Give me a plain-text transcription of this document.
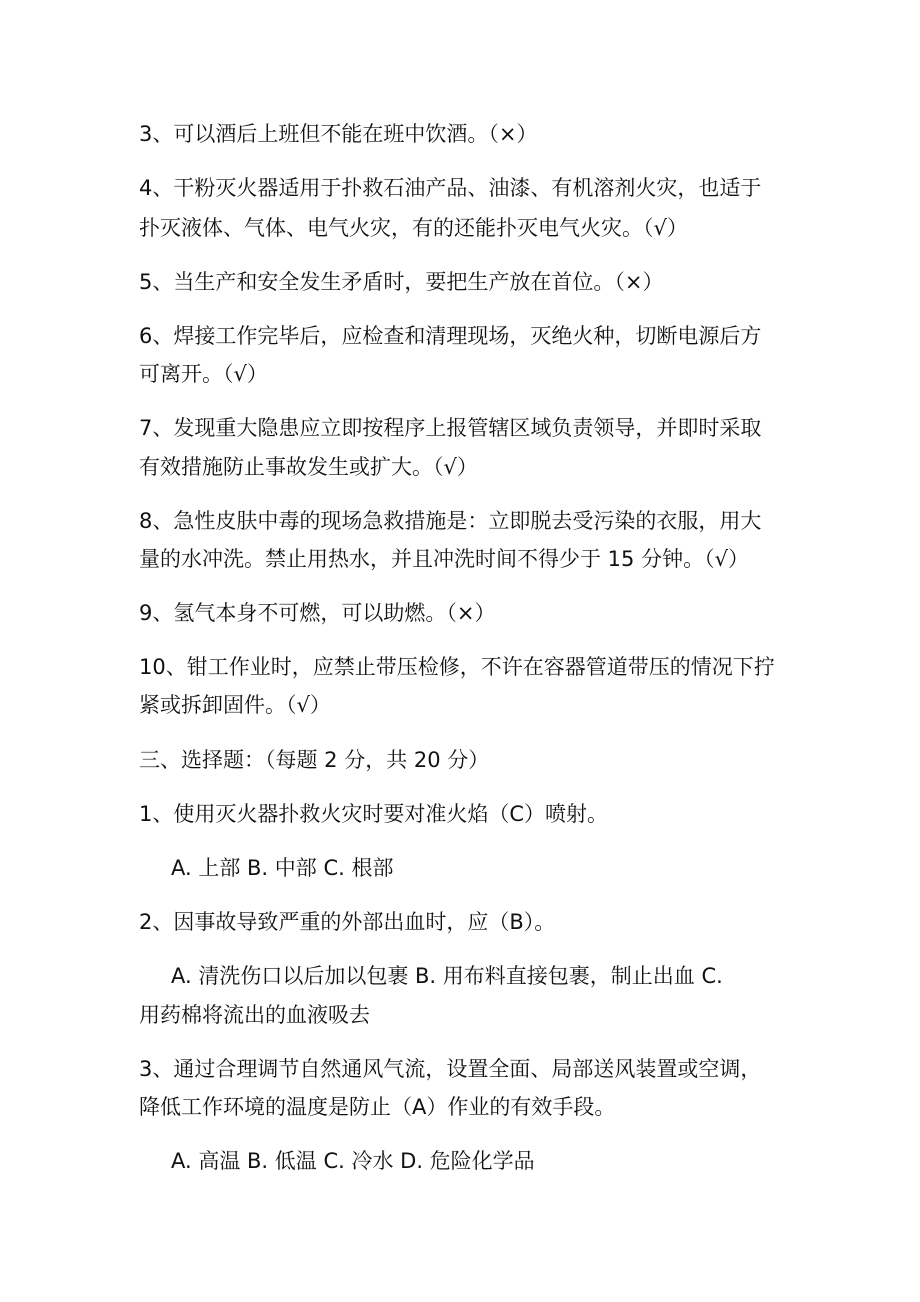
3、可以酒后上班但不能在班中饮酒。（×）
4、干粉灭火器适用于扑救石油产品、油漆、有机溶剂火灾，也适于
扑灭液体、气体、电气火灾，有的还能扑灭电气火灾。（√）
5、当生产和安全发生矛盾时，要把生产放在首位。（×）
6、焊接工作完毕后，应检查和清理现场，灭绝火种，切断电源后方
可离开。（√）
7、发现重大隐患应立即按程序上报管辖区域负责领导，并即时采取
有效措施防止事故发生或扩大。（√）
8、急性皮肤中毒的现场急救措施是：立即脱去受污染的衣服，用大
量的水冲洗。禁止用热水，并且冲洗时间不得少于 15 分钟。（√）
9、氢气本身不可燃，可以助燃。（×）
10、钳工作业时，应禁止带压检修，不许在容器管道带压的情况下拧
紧或拆卸固件。（√）
三、选择题：（每题 2 分，共 20 分）
1、使用灭火器扑救火灾时要对准火焰（C）喷射。
A. 上部 B. 中部 C. 根部
2、因事故导致严重的外部出血时，应（B）。
A. 清洗伤口以后加以包裹 B. 用布料直接包裹，制止出血 C.
用药棉将流出的血液吸去
3、通过合理调节自然通风气流，设置全面、局部送风装置或空调，
降低工作环境的温度是防止（A）作业的有效手段。
A. 高温 B. 低温 C. 冷水 D. 危险化学品
